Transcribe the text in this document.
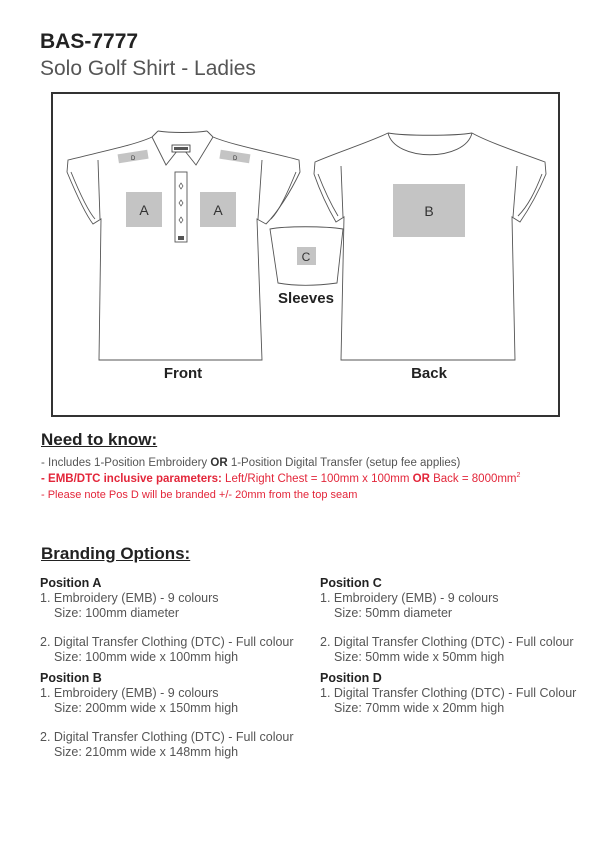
BAS-7777
Solo Golf Shirt - Ladies
D	D
A	A
C
B
Front
Sleeves
Back
Need to know:
- Includes 1-Position Embroidery OR 1-Position Digital Transfer (setup fee applies)
- EMB/DTC inclusive parameters: Left/Right Chest = 100mm x 100mm OR Back = $8000mm^2$
- Please note Pos D will be branded +/- 20mm from the top seam
Branding Options:
Position A
1. Embroidery (EMB) - 9 colours
Size: 100mm diameter
2. Digital Transfer Clothing (DTC) - Full colour
Size: 100mm wide x 100mm high
Position B
1. Embroidery (EMB) - 9 colours
Size: 200mm wide x 150mm high
2. Digital Transfer Clothing (DTC) - Full colour
Size: 210mm wide x 148mm high
Position C
1. Embroidery (EMB) - 9 colours
Size: 50mm diameter
2. Digital Transfer Clothing (DTC) - Full colour
Size: 50mm wide x 50mm high
Position D
1. Digital Transfer Clothing (DTC) - Full Colour
Size: 70mm wide x 20mm high
